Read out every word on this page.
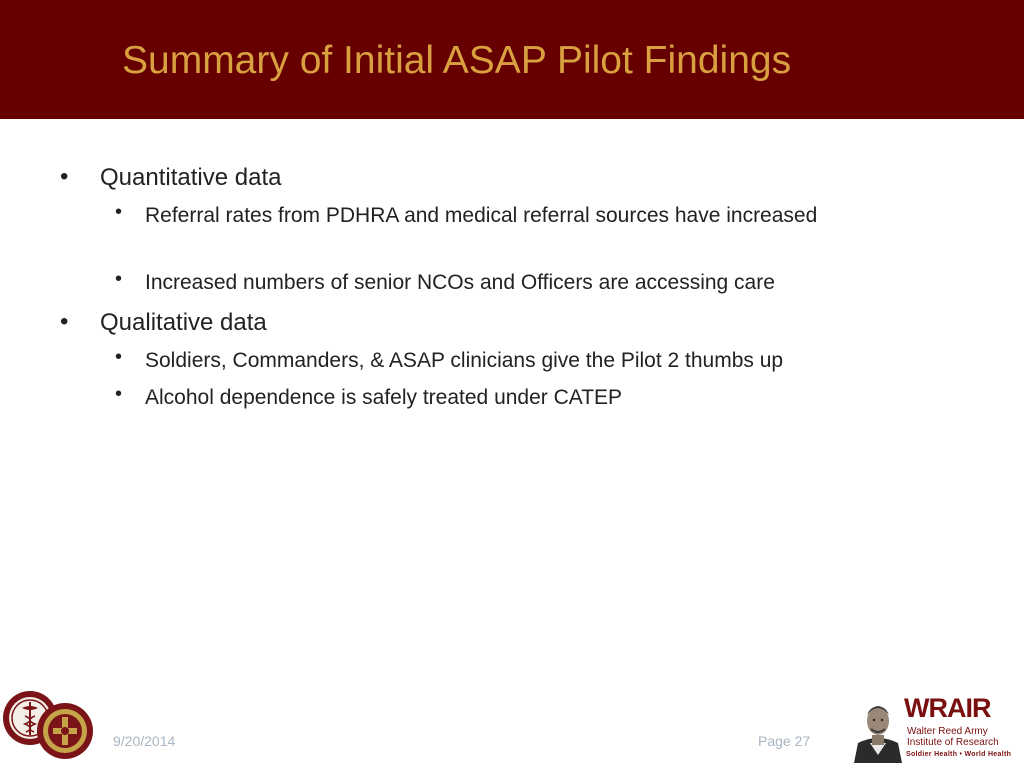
Summary of Initial ASAP Pilot Findings
• Quantitative data
• Referral rates from PDHRA and medical referral sources have increased
• Increased numbers of senior NCOs and Officers are accessing care
• Qualitative data
• Soldiers, Commanders, & ASAP clinicians give the Pilot 2 thumbs up
• Alcohol dependence is safely treated under CATEP
9/20/2014	Page 27
WRAIR
Walter Reed Army
Institute of Research
Soldier Health • World Health
